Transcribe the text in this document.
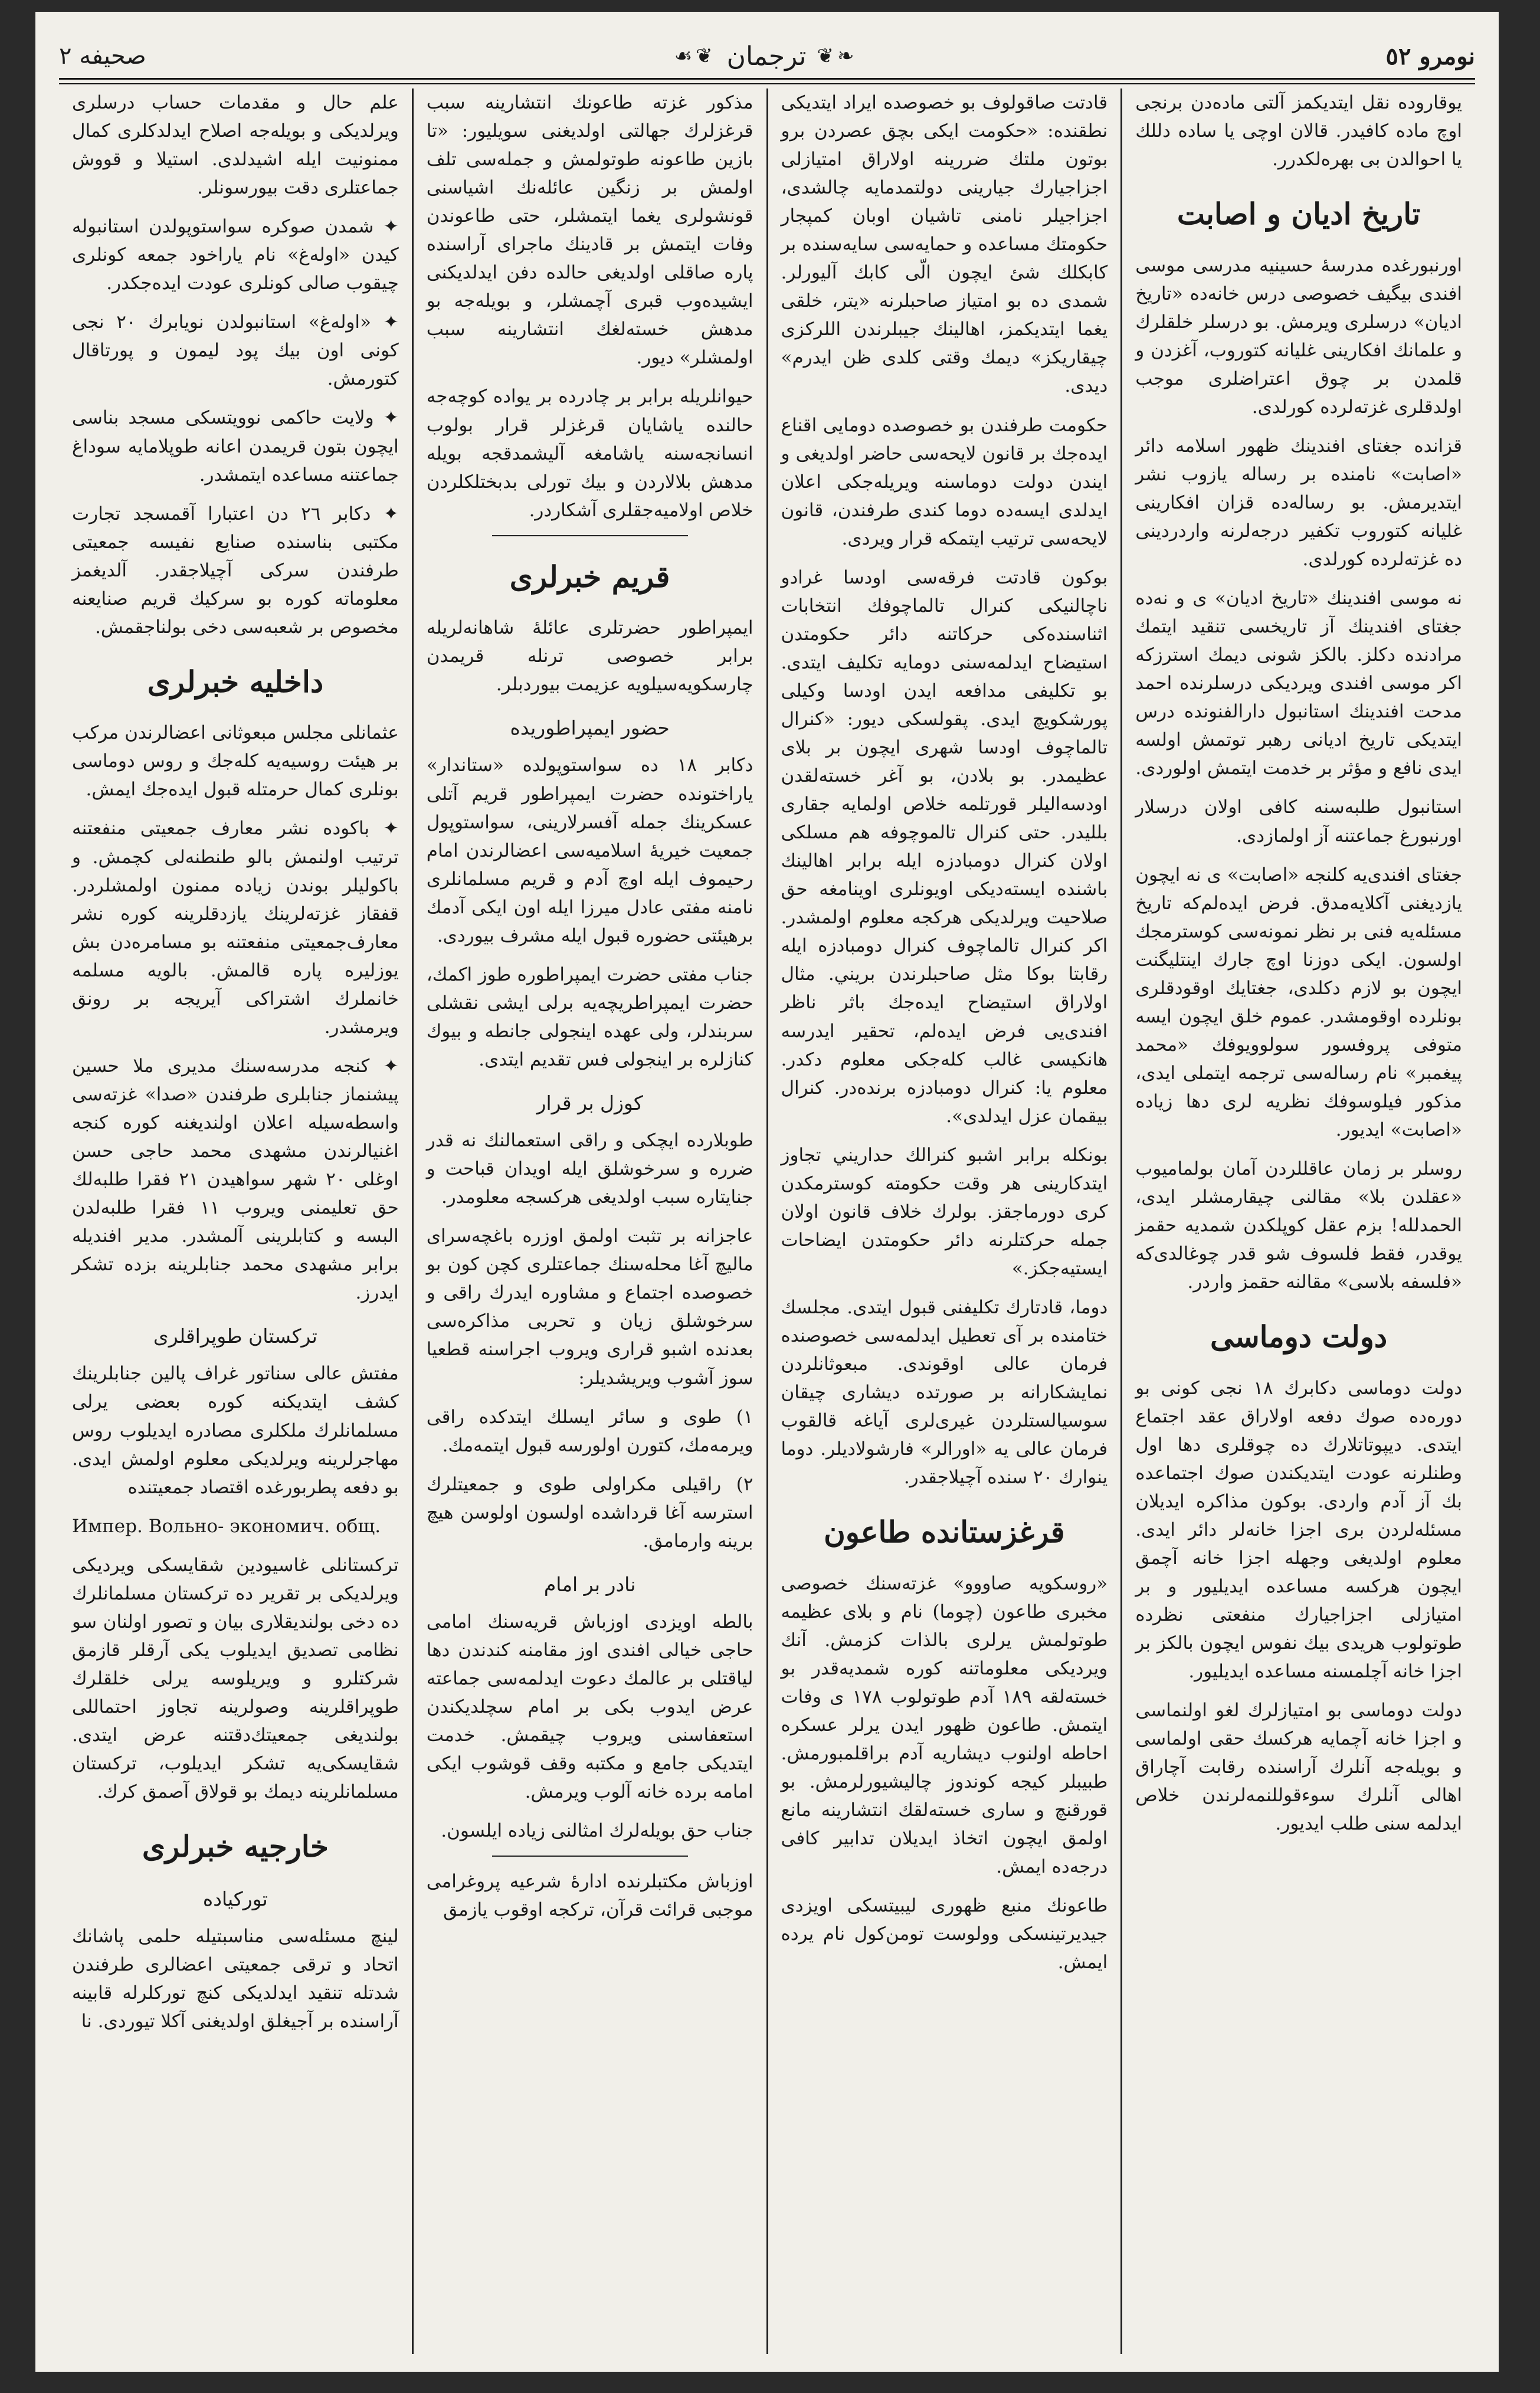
نومرو ٥٢
❧❦
ترجمان
❦☙
صحيفه ٢

يوقاروده نقل ايتديكمز آلتى ماده‌دن برنجى اوچ ماده كافيدر. قالان اوچى يا ساده دللك يا احوالدن بى بهره‌لكدرر.

تاريخ اديان و اصابت

اورنبورغده مدرسهٔ حسينيه مدرسى موسى افندى بيگيف خصوصى درس خانه‌ده «تاريخ اديان» درسلرى ويرمش. بو درسلر خلقلرك و علمانك افكارينى غليانه كتوروب، آغزدن و قلمدن بر چوق اعتراضلرى موجب اولدقلرى غزته‌لرده كورلدى.

قزانده جغتاى افندينك ظهور اسلامه دائر «اصابت» نامنده بر رساله يازوب نشر ايتديرمش. بو رساله‌ده قزان افكارينى غليانه كتوروب تكفير درجه‌لرنه واردردينى ده غزته‌لرده كورلدى.

نه موسى افندينك «تاريخ اديان» ى و نه‌ده جغتاى افندينك آز تاريخسى تنقيد ايتمك مرادنده دكلز. بالكز شونى ديمك استرزكه اكر موسى افندى ويرديكى درسلرنده احمد مدحت افندينك استانبول دارالفنونده درس ايتديكى تاريخ اديانى رهبر توتمش اولسه ايدى نافع و مؤثر بر خدمت ايتمش اولوردى.

استانبول طلبه‌سنه كافى اولان درسلار اورنبورغ جماعتنه آز اولمازدى.

جغتاى افندى‌يه كلنجه «اصابت» ى نه ايچون يازديغنى آكلايه‌مدق. فرض ايده‌لم‌كه تاريخ مسئله‌يه فنى بر نظر نمونه‌سى كوسترمجك اولسون. ايكى دوزنا اوچ جارك اينتليگنت ايچون بو لازم دكلدى، جغتايك اوقودقلرى بونلرده اوقومشدر. عموم خلق ايچون ايسه متوفى پروفسور سولوويوفك «محمد پيغمبر» نام رساله‌سى ترجمه ايتملى ايدى، مذكور فيلوسوفك نظريه لرى دها زياده «اصابت» ايديور.

روسلر بر زمان عاقللردن آمان بولماميوب «عقلدن بلا» مقالنى چيقارمشلر ايدى، الحمدلله! بزم عقل كوپلكدن شمديه حقمز يوقدر، فقط فلسوف شو قدر چوغالدى‌كه «فلسفه بلاسى» مقالنه حقمز واردر.

دولت دوماسى

دولت دوماسى دكابرك ١٨ نجى كونى بو دوره‌ده صوك دفعه اولاراق عقد اجتماع ايتدى. ديپوتاتلارك ده چوقلرى دها اول وطنلرنه عودت ايتديكندن صوك اجتماعده بك آز آدم واردى. بوكون مذاكره ايديلان مسئله‌لردن برى اجزا خانه‌لر دائر ايدى. معلوم اولديغى وجهله اجزا خانه آچمق ايچون هركسه مساعده ايديليور و بر امتيازلى اجزاجيارك منفعتى نظرده طوتولوب هريدى بيك نفوس ايچون بالكز بر اجزا خانه آچلمسنه مساعده ايديليور.

دولت دوماسى بو امتيازلرك لغو اولنماسى و اجزا خانه آچمايه هركسك حقى اولماسى و بويله‌جه آنلرك آراسنده رقابت آچاراق اهالى آنلرك سوءقوللنمه‌لرندن خلاص ايدلمه سنى طلب ايديور.

قادتت صاقولوف بو خصوصده ايراد ايتديكى نطقنده: «حكومت ايكى بچق عصردن برو بوتون ملتك ضررينه اولاراق امتيازلى اجزاجيارك جيارينى دولتمدمايه چالشدى، اجزاجيلر نامنى تاشيان اوبان كمپجار حكومتك مساعده و حمايه‌سى سايه‌سنده بر كابكلك شئ ايچون الّى كابك آليورلر. شمدى ده بو امتياز صاحبلرنه «يتر، خلقى يغما ايتديكمز، اهالينك جيبلرندن اللركزى چيقاريكز» ديمك وقتى كلدى ظن ايدرم» ديدى.

حكومت طرفندن بو خصوصده دومايى اقناع ايده‌جك بر قانون لايحه‌سى حاضر اولديغى و ايندن دولت دوماسنه ويريله‌جكى اعلان ايدلدى ايسه‌ده دوما كندى طرفندن، قانون لايحه‌سى ترتيب ايتمكه قرار ويردى.

بوكون قادتت فرقه‌سى اودسا غرادو ناچالنيكى كنرال تالماچوفك انتخابات اثناسنده‌كى حركاتنه دائر حكومتدن استيضاح ايدلمه‌سنى دومايه تكليف ايتدى. بو تكليفى مدافعه ايدن اودسا وكيلى پورشكويچ ايدى. پقولسكى ديور: «كنرال تالماچوف اودسا شهرى ايچون بر بلاى عظيمدر. بو بلادن، بو آغر خسته‌لقدن اودسه‌اليلر قورتلمه خلاص اولمايه جقارى بلليدر. حتى كنرال تالموچوفه هم مسلكى اولان كنرال دومبادزه ايله برابر اهالينك باشنده ايسته‌ديكى اويونلرى اوينامغه حق صلاحيت ويرلديكى هركجه معلوم اولمشدر. اكر كنرال تالماچوف كنرال دومبادزه ايله رقابتا بوكا مثل صاحبلرندن بريني. مثال اولاراق استيضاح ايده‌جك باثر ناظر افندى‌يى فرض ايده‌لم، تحقير ايدرسه هانكيسى غالب كله‌جكى معلوم دكدر. معلوم يا: كنرال دومبادزه برنده‌در. كنرال بيقمان عزل ايدلدى».

بونكله برابر اشبو كنرالك حداريني تجاوز ايتدكارينى هر وقت حكومته كوسترمكدن كرى دورماجقز. بولرك خلاف قانون اولان جمله حركتلرنه دائر حكومتدن ايضاحات ايستيه‌جكز.»

دوما، قادتارك تكليفنى قبول ايتدى. مجلسك ختامنده بر آى تعطيل ايدلمه‌سى خصوصنده فرمان عالى اوقوندى. مبعوثانلردن نمايشكارانه بر صورتده ديشارى چيقان سوسيالستلردن غيرى‌لرى آياغه قالقوب فرمان عالى يه «اورالر» فارشولاديلر. دوما ينوارك ٢٠ سنده آچيلاجقدر.

قرغزستانده طاعون

«روسكويه صاووو» غزته‌سنك خصوصى مخبرى طاعون (چوما) نام و بلاى عظيمه طوتولمش يرلرى بالذات كزمش. آنك ويرديكى معلوماتنه كوره شمديه‌قدر بو خسته‌لقه ١٨٩ آدم طوتولوب ١٧٨ ى وفات ايتمش. طاعون ظهور ايدن يرلر عسكره احاطه اولنوب ديشاريه آدم براقلمبورمش. طبيبلر كيجه كوندوز چاليشيورلرمش. بو قورقنچ و سارى خسته‌لقك انتشارينه مانع اولمق ايچون اتخاذ ايديلان تدابير كافى درجه‌ده ايمش.

طاعونك منبع ظهورى ليبيتسكى اويزدى جيديرتينسكى وولوست تومن‌كول نام يرده ايمش.

مذكور غزته طاعونك انتشارينه سبب قرغزلرك جهالتى اولديغنى سويليور: «تا بازين طاعونه طوتولمش و جمله‌سى تلف اولمش بر زنگين عائله‌نك اشياسنى قونشولرى يغما ايتمشلر، حتى طاعوندن وفات ايتمش بر قادينك ماجراى آراسنده پاره صاقلى اولديغى حالده دفن ايدلديكنى ايشيده‌وب قبرى آچمشلر، و بويله‌جه بو مدهش خسته‌لغك انتشارينه سبب اولمشلر» ديور.

حيوانلريله برابر بر چادرده بر يواده كوچه‌جه حالنده ياشايان قرغزلر قرار بولوب انسانجه‌سنه ياشامغه آليشمدقجه بويله مدهش بلالاردن و بيك تورلى بدبختلكلردن خلاص اولاميه‌جقلرى آشكاردر.

قريم خبرلرى

ايمپراطور حضرتلرى عائلهٔ شاهانه‌لريله برابر خصوصى ترنله قريمدن چارسكويه‌سيلويه عزيمت بيوردبلر.

حضور ايمپراطوريده

دكابر ١٨ ده سواستوپولده «ستاندار» ياراختونده حضرت ايمپراطور قريم آتلى عسكرينك جمله آفسرلارينى، سواستوپول جمعيت خيريهٔ اسلاميه‌سى اعضالرندن امام رحيموف ايله اوچ آدم و قريم مسلمانلرى نامنه مفتى عادل ميرزا ايله اون ايكى آدمك برهيئتى حضوره قبول ايله مشرف بيوردى.

جناب مفتى حضرت ايمپراطوره طوز اكمك، حضرت ايمپراطريچه‌يه برلى ايشى نقشلى سربندلر، ولى عهده اينجولى جانطه و بيوك كنازلره بر اينجولى فس تقديم ايتدى.

كوزل بر قرار

طوبلارده ايچكى و راقى استعمالنك نه قدر ضرره و سرخوشلق ايله اويدان قباحت و جنايتاره سبب اولديغى هركسجه معلومدر.

عاجزانه بر تثبت اولمق اوزره باغچه‌سراى ماليچ آغا محله‌سنك جماعتلرى كچن كون بو خصوصده اجتماع و مشاوره ايدرك راقى و سرخوشلق زيان و تحربى مذاكره‌سى بعدنده اشبو قرارى ويروب اجرا‌سنه قطعيا سوز آشوب ويريشديلر:

١) طوى و سائر ايسلك ايتدكده راقى ويرمه‌مك، كتورن اولورسه قبول ايتمه‌مك.

٢) راقيلى مكراولى طوى و جمعيتلرك استرسه آغا قرداشده اولسون اولوسن هيچ برينه وارمامق.

نادر بر امام

بالطه اويزدى اوزباش قريه‌سنك امامى حاجى خيالى افندى اوز مقامنه كندندن دها لياقتلى بر عالمك دعوت ايدلمه‌سى جماعته عرض ايدوب بكى بر امام سچلديكندن استعفاسنى ويروب چيقمش. خدمت ايتديكى جامع و مكتبه وقف قوشوب ايكى امامه برده خانه آلوب ويرمش.

جناب حق بويله‌لرك امثالنى زياده ايلسون.

اوزباش مكتبلرنده ادارهٔ شرعيه پروغرامى موجبى قرائت قرآن، تركجه اوقوب يازمق

علم حال و مقدمات حساب درسلرى ويرلديكى و بويله‌جه اصلاح ايدلدكلرى كمال ممنونيت ايله اشيدلدى. استيلا و قووش جماعتلرى دقت بيورسونلر.

✦ شمدن صوكره سواستوپولدن استانبوله كيدن «اولەغ» نام ياراخود جمعه كونلرى چيقوب صالى كونلرى عودت ايده‌جكدر.

✦ «اولەغ» استانبولدن نويابرك ٢٠ نجى كونى اون بيك پود ليمون و پورتاقال كتورمش.

✦ ولايت حاكمى نوويتسكى مسجد بناسى ايچون بتون قريمدن اعانه طوپلامايه سوداغ جماعتنه مساعده ايتمشدر.

✦ دكابر ٢٦ دن اعتبارا آقمسجد تجارت مكتبى بناسنده صنايع نفيسه جمعيتى طرفندن سركى آچيلاجقدر. آلديغمز معلوماته كوره بو سركيك قريم صنايعنه مخصوص بر شعبه‌سى دخى بولناجقمش.

داخليه خبرلرى

عثمانلى مجلس مبعوثانى اعضالرندن مركب بر هيئت روسيه‌يه كله‌جك و روس دوماسى بونلرى كمال حرمتله قبول ايده‌جك ايمش.

✦ باكوده نشر معارف جمعيتى منفعتنه ترتيب اولنمش بالو طنطنه‌لى كچمش. و باكوليلر بوندن زياده ممنون اولمشلردر. قفقاز غزته‌لرينك يازدقلرينه كوره نشر معارف‌جمعيتى منفعتنه بو مسامره‌دن بش يوزليره پاره قالمش. بالويه مسلمه خانملرك اشتراكى آيريجه بر رونق ويرمشدر.

✦ كنجه مدرسه‌سنك مديرى ملا حسين پيشنماز جنابلرى طرفندن «صدا» غزته‌سى واسطه‌سيله اعلان اولنديغنه كوره كنجه اغنيالرندن مشهدى محمد حاجى حسن اوغلى ٢٠ شهر سواهيدن ٢١ فقرا طلبه‌لك حق تعليمنى ويروب ١١ فقرا طلبه‌لدن البسه و كتابلرينى آلمشدر. مدير افنديله برابر مشهدى محمد جنابلرينه بزده تشكر ايدرز.

تركستان طوپراقلرى

مفتش عالى سناتور غراف پالين جنابلرينك كشف ايتديكنه كوره بعضى يرلى مسلمانلرك ملكلرى مصادره ايديلوب روس مهاجرلرينه ويرلديكى معلوم اولمش ايدى. بو دفعه پطربورغده اقتصاد جمعيتنده

Импер. Вольно- экономич. общ.

تركستانلى غاسيودين شقايسكى ويرديكى ويرلديكى بر تقرير ده تركستان مسلمانلرك ده دخى بولنديقلارى بيان و تصور اولنان سو نظامى تصديق ايديلوب يكى آرقلر قازمق شركتلرو و ويريلوسه يرلى خلقلرك طوپراقلرينه وصولرينه تجاوز احتماللى بولنديغى جمعيتك‌دقتنه عرض ايتدى. شقايسكى‌يه تشكر ايديلوب، تركستان مسلمانلرينه ديمك بو قولاق آصمق كرك.

خارجيه خبرلرى
توركياده

لينچ مسئله‌سى مناسبتيله حلمى پاشانك اتحاد و ترقى جمعيتى اعضالرى طرفندن شدتله تنقيد ايدلديكى كنچ توركلرله قابينه آراسنده بر آجيغلق اولديغنى آكلا تيوردى. نا
